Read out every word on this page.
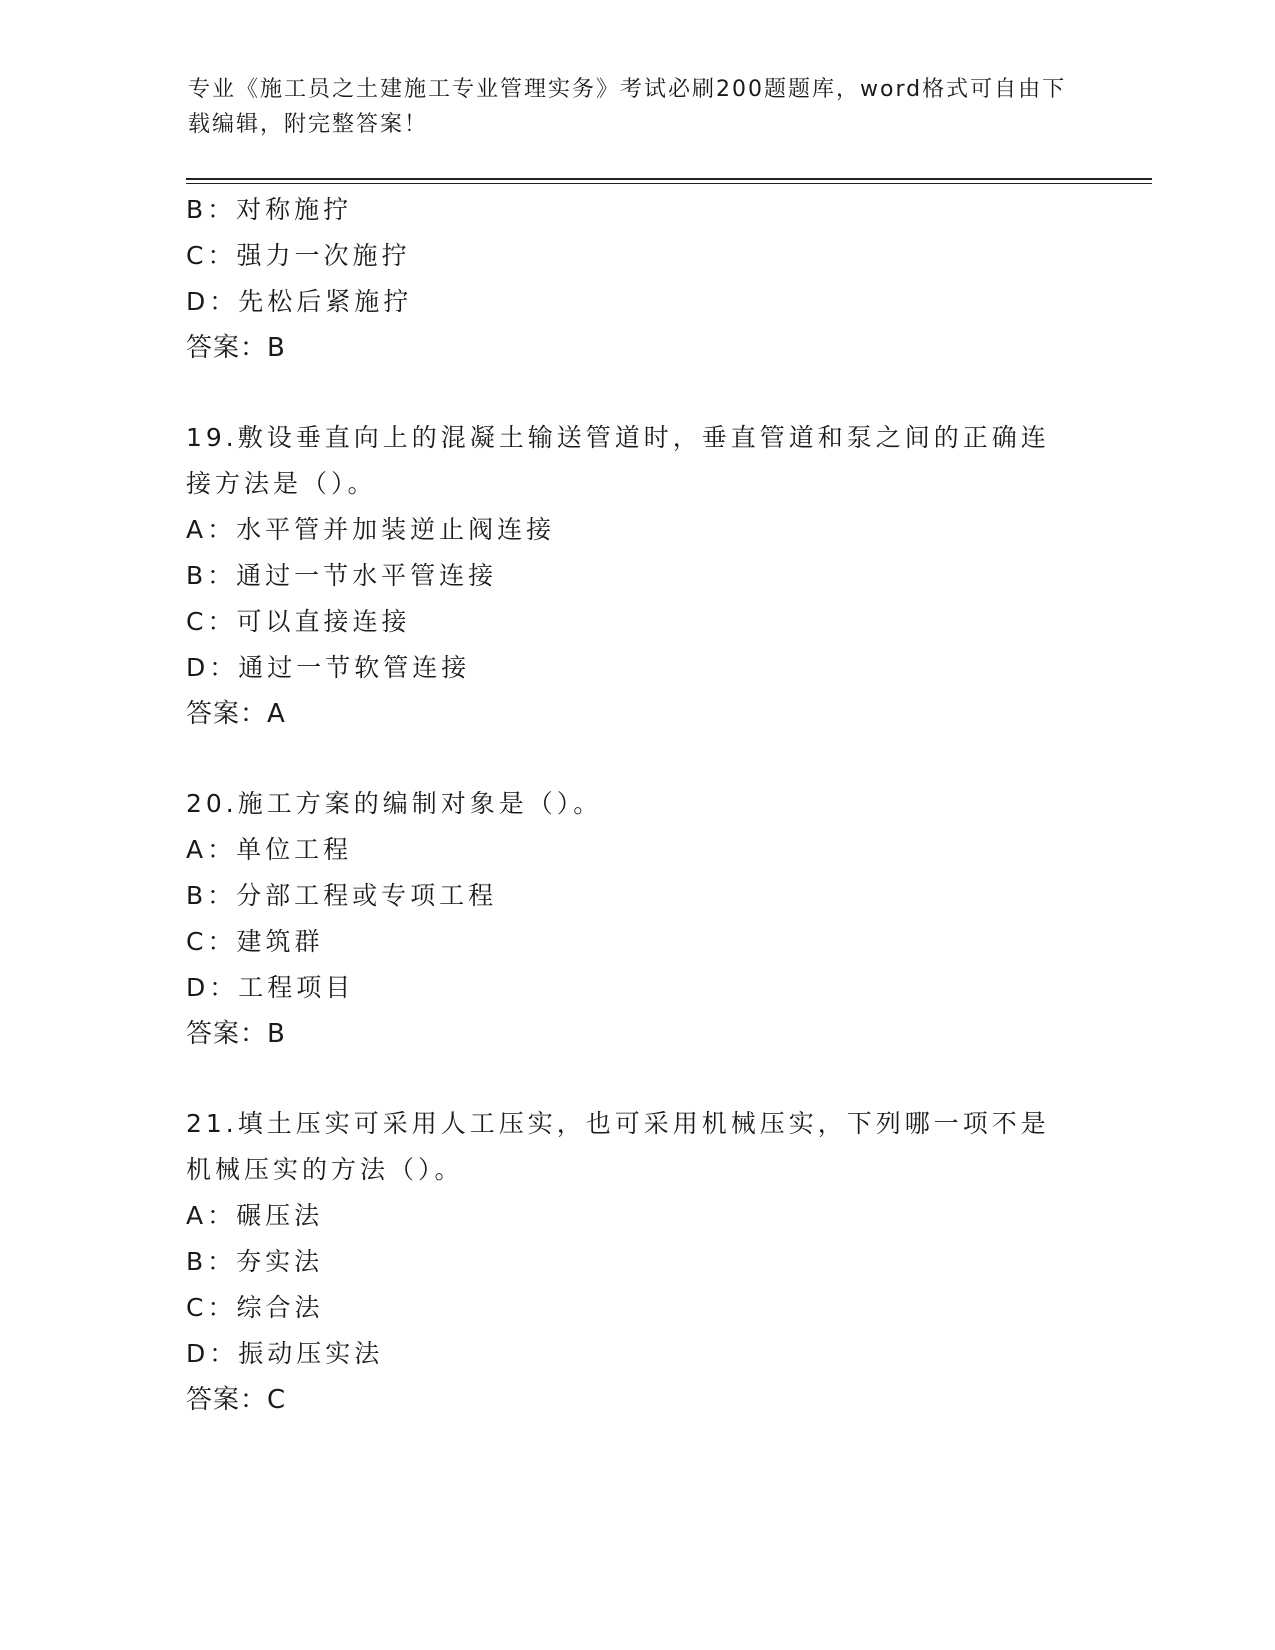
专业《施工员之土建施工专业管理实务》考试必刷200题题库，word格式可自由下载编辑，附完整答案！
B：对称施拧
C：强力一次施拧
D：先松后紧施拧
答案：B
19.敷设垂直向上的混凝土输送管道时，垂直管道和泵之间的正确连接方法是（）。
A：水平管并加装逆止阀连接
B：通过一节水平管连接
C：可以直接连接
D：通过一节软管连接
答案：A
20.施工方案的编制对象是（）。
A：单位工程
B：分部工程或专项工程
C：建筑群
D：工程项目
答案：B
21.填土压实可采用人工压实，也可采用机械压实，下列哪一项不是机械压实的方法（）。
A：碾压法
B：夯实法
C：综合法
D：振动压实法
答案：C
